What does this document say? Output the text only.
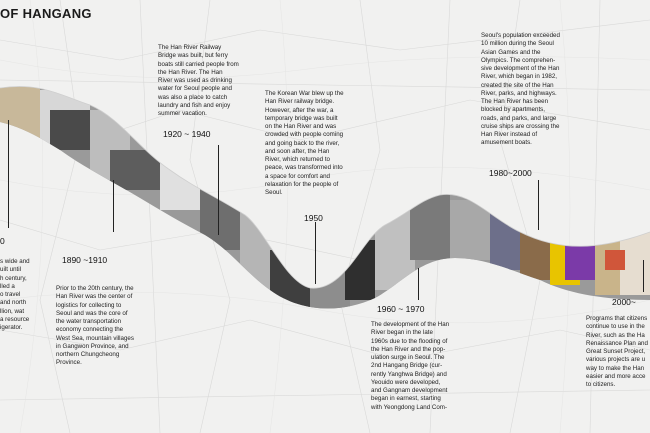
OF HANGANG
0

s wide and
uilt until
h century,
lled a
o travel
and north
llion, wat
a resource
igerator.

1890 ~1910

Prior to the 20th century, the
Han River was the center of
logistics for collecting to
Seoul and was the core of
the water transportation
economy connecting the
West Sea, mountain villages
in Gangwon Province, and
northern Chungcheong
Province.

1920 ~ 1940

The Han River Railway
Bridge was built, but ferry
boats still carried people from
the Han River. The Han
River was used as drinking
water for Seoul people and
was also a place to catch
laundry and fish and enjoy
summer vacation.

1950

The Korean War blew up the
Han River railway bridge.
However, after the war, a
temporary bridge was built
on the Han River and was
crowded with people coming
and going back to the river,
and soon after, the Han
River, which returned to
peace, was transformed into
a space for comfort and
relaxation for the people of
Seoul.

1960 ~ 1970

The development of the Han
River began in the late
1960s due to the flooding of
the Han River and the pop-
ulation surge in Seoul. The
2nd Hangang Bridge (cur-
rently Yanghwa Bridge) and
Yeouido were developed,
and Gangnam development
began in earnest, starting
with Yeongdong Land Com-

1980~2000

Seoul's population exceeded
10 million during the Seoul
Asian Games and the
Olympics. The comprehen-
sive development of the Han
River, which began in 1982,
created the site of the Han
River, parks, and highways.
The Han River has been
blocked by apartments,
roads, and parks, and large
cruise ships are crossing the
Han River instead of
amusement boats.

2000~

Programs that citizens
continue to use in the
River, such as the Ha
Renaissance Plan and
Great Sunset Project,
various projects are u
way to make the Han
easier and more acce
to citizens.
